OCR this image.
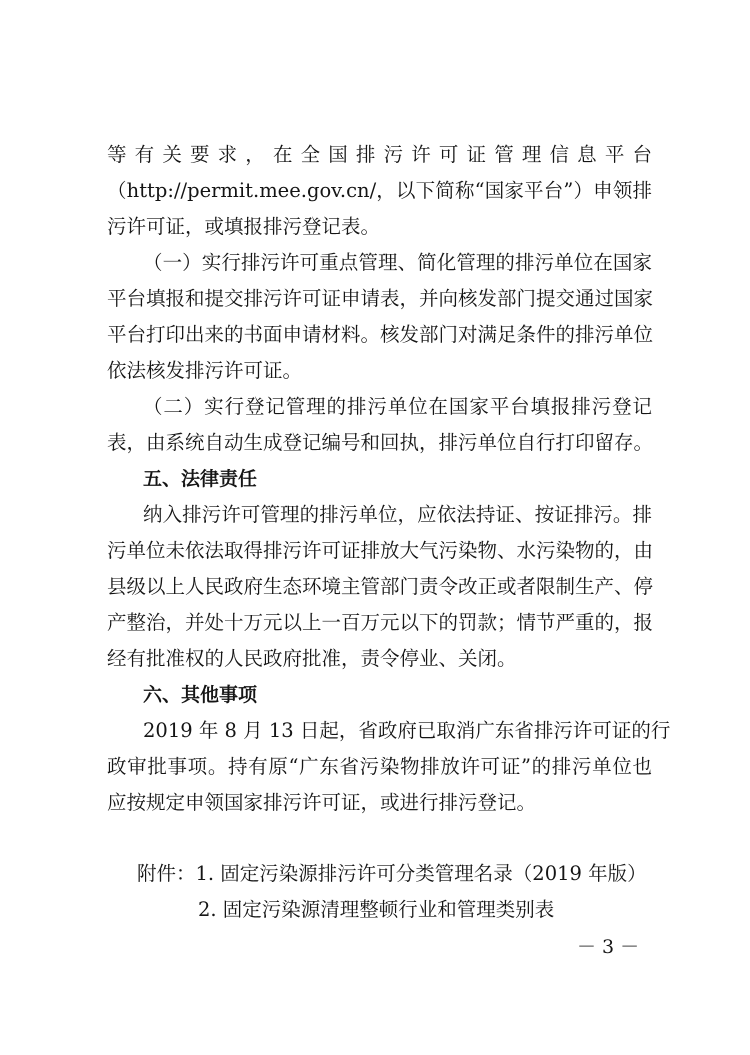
等有关要求，在全国排污许可证管理信息平台
（http://permit.mee.gov.cn/，以下简称“国家平台”）申领排
污许可证，或填报排污登记表。
（一）实行排污许可重点管理、简化管理的排污单位在国家
平台填报和提交排污许可证申请表，并向核发部门提交通过国家
平台打印出来的书面申请材料。核发部门对满足条件的排污单位
依法核发排污许可证。
（二）实行登记管理的排污单位在国家平台填报排污登记
表，由系统自动生成登记编号和回执，排污单位自行打印留存。
五、法律责任
纳入排污许可管理的排污单位，应依法持证、按证排污。排
污单位未依法取得排污许可证排放大气污染物、水污染物的，由
县级以上人民政府生态环境主管部门责令改正或者限制生产、停
产整治，并处十万元以上一百万元以下的罚款；情节严重的，报
经有批准权的人民政府批准，责令停业、关闭。
六、其他事项
2019 年 8 月 13 日起，省政府已取消广东省排污许可证的行
政审批事项。持有原“广东省污染物排放许可证”的排污单位也
应按规定申领国家排污许可证，或进行排污登记。
附件：1. 固定污染源排污许可分类管理名录（2019 年版）
2. 固定污染源清理整顿行业和管理类别表
－ 3 －
